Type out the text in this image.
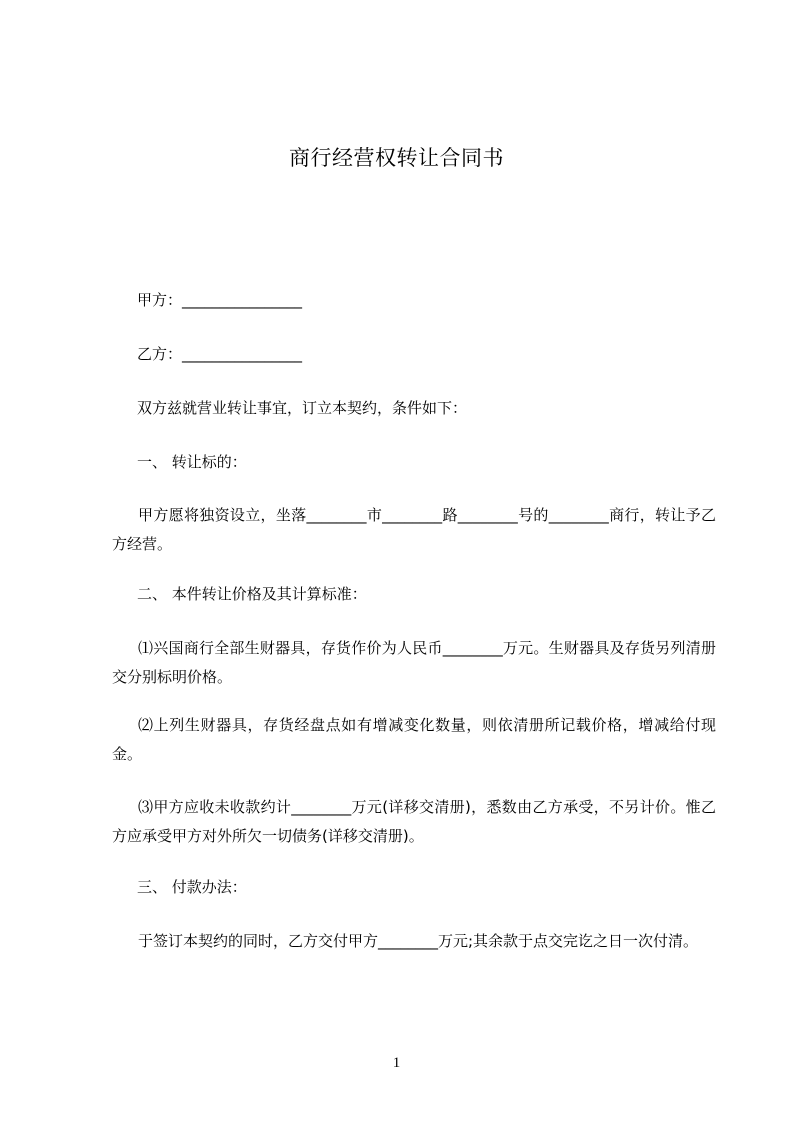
商行经营权转让合同书
甲方：________________
乙方：________________
双方兹就营业转让事宜，订立本契约，条件如下：
一、 转让标的：
甲方愿将独资设立，坐落________市________路________号的________商行，转让予乙方经营。
二、 本件转让价格及其计算标准：
⑴兴国商行全部生财器具，存货作价为人民币________万元。生财器具及存货另列清册交分别标明价格。
⑵上列生财器具，存货经盘点如有增减变化数量，则依清册所记载价格，增减给付现金。
⑶甲方应收未收款约计________万元(详移交清册)，悉数由乙方承受，不另计价。惟乙方应承受甲方对外所欠一切债务(详移交清册)。
三、 付款办法：
于签订本契约的同时，乙方交付甲方________万元;其余款于点交完讫之日一次付清。
1
